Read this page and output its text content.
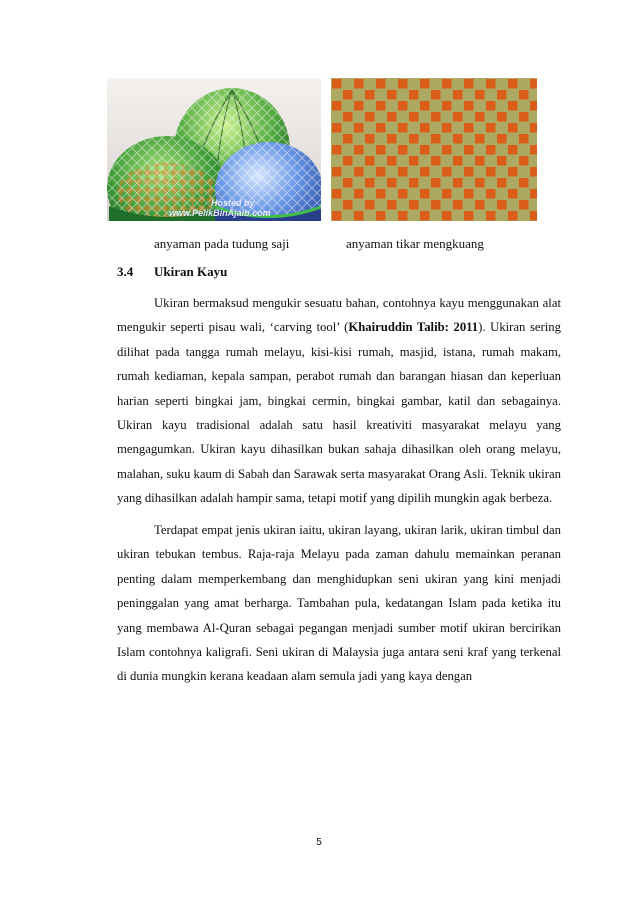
Hosted by
www.PelikBinAjaib.com
anyaman pada tudung saji	anyaman tikar mengkuang
3.4 Ukiran Kayu

Ukiran bermaksud mengukir sesuatu bahan, contohnya kayu menggunakan alat mengukir seperti pisau wali, ‘carving tool’ (Khairuddin Talib: 2011). Ukiran sering dilihat pada tangga rumah melayu, kisi-kisi rumah, masjid, istana, rumah makam, rumah kediaman, kepala sampan, perabot rumah dan barangan hiasan dan keperluan harian seperti bingkai jam, bingkai cermin, bingkai gambar, katil dan sebagainya. Ukiran kayu tradisional adalah satu hasil kreativiti masyarakat melayu yang mengagumkan. Ukiran kayu dihasilkan bukan sahaja dihasilkan oleh orang melayu, malahan, suku kaum di Sabah dan Sarawak serta masyarakat Orang Asli. Teknik ukiran yang dihasilkan adalah hampir sama, tetapi motif yang dipilih mungkin agak berbeza.

Terdapat empat jenis ukiran iaitu, ukiran layang, ukiran larik, ukiran timbul dan ukiran tebukan tembus. Raja-raja Melayu pada zaman dahulu memainkan peranan penting dalam memperkembang dan menghidupkan seni ukiran yang kini menjadi peninggalan yang amat berharga. Tambahan pula, kedatangan Islam pada ketika itu yang membawa Al-Quran sebagai pegangan menjadi sumber motif ukiran bercirikan Islam contohnya kaligrafi. Seni ukiran di Malaysia juga antara seni kraf yang terkenal di dunia mungkin kerana keadaan alam semula jadi yang kaya dengan

5
